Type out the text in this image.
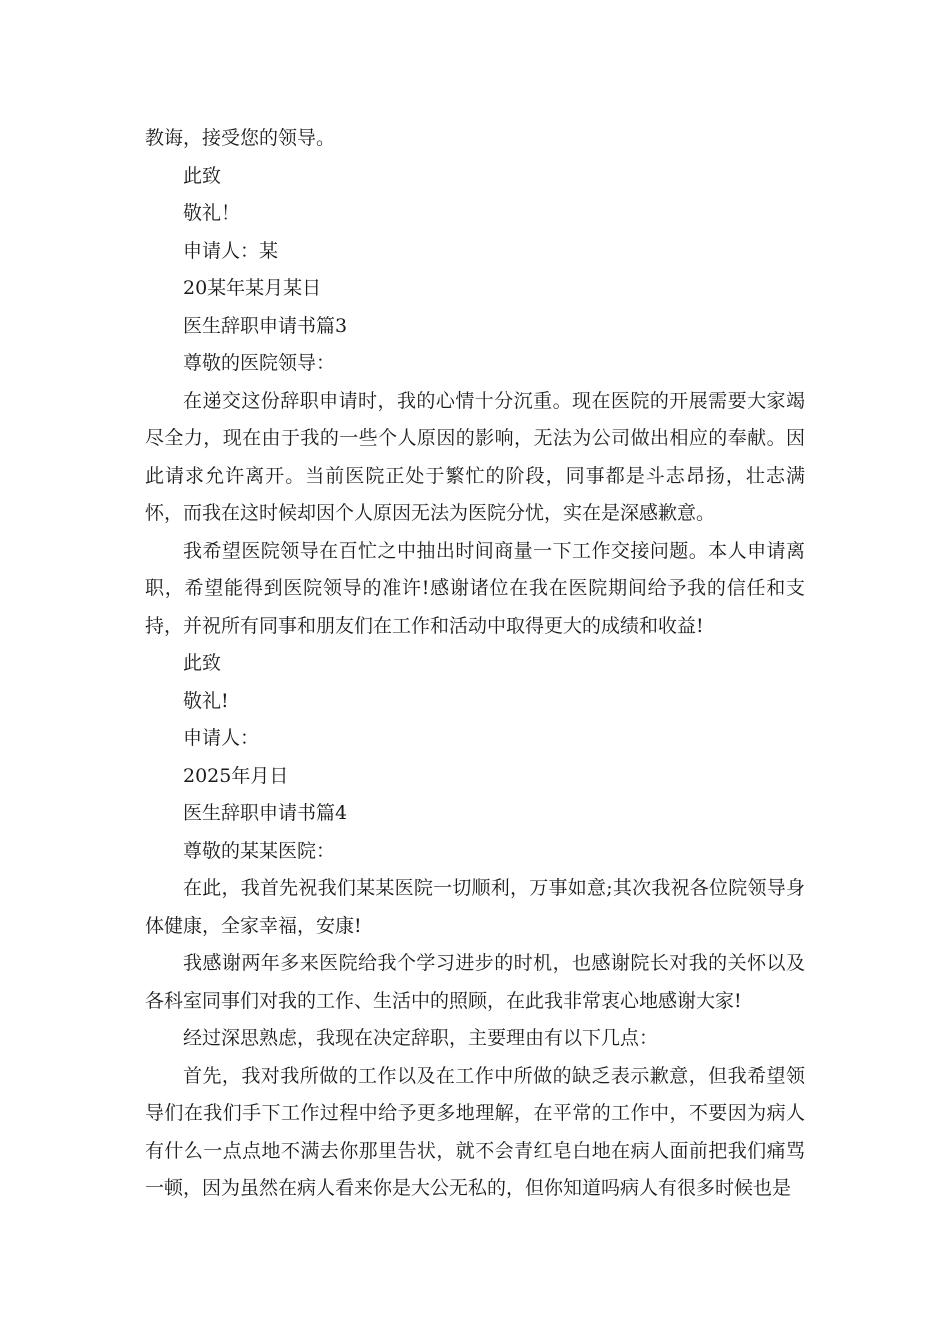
教诲，接受您的领导。
此致
敬礼！
申请人：某
20某年某月某日
医生辞职申请书篇3
尊敬的医院领导：

在递交这份辞职申请时，我的心情十分沉重。现在医院的开展需要大家竭尽全力，现在由于我的一些个人原因的影响，无法为公司做出相应的奉献。因此请求允许离开。当前医院正处于繁忙的阶段，同事都是斗志昂扬，壮志满怀，而我在这时候却因个人原因无法为医院分忧，实在是深感歉意。

我希望医院领导在百忙之中抽出时间商量一下工作交接问题。本人申请离职，希望能得到医院领导的准许!感谢诸位在我在医院期间给予我的信任和支持，并祝所有同事和朋友们在工作和活动中取得更大的成绩和收益!

此致
敬礼!
申请人：
2025年月日
医生辞职申请书篇4
尊敬的某某医院：

在此，我首先祝我们某某医院一切顺利，万事如意;其次我祝各位院领导身体健康，全家幸福，安康!

我感谢两年多来医院给我个学习进步的时机，也感谢院长对我的关怀以及各科室同事们对我的工作、生活中的照顾，在此我非常衷心地感谢大家!

经过深思熟虑，我现在决定辞职，主要理由有以下几点：

首先，我对我所做的工作以及在工作中所做的缺乏表示歉意，但我希望领导们在我们手下工作过程中给予更多地理解，在平常的工作中，不要因为病人有什么一点点地不满去你那里告状，就不会青红皂白地在病人面前把我们痛骂一顿，因为虽然在病人看来你是大公无私的，但你知道吗病人有很多时候也是
